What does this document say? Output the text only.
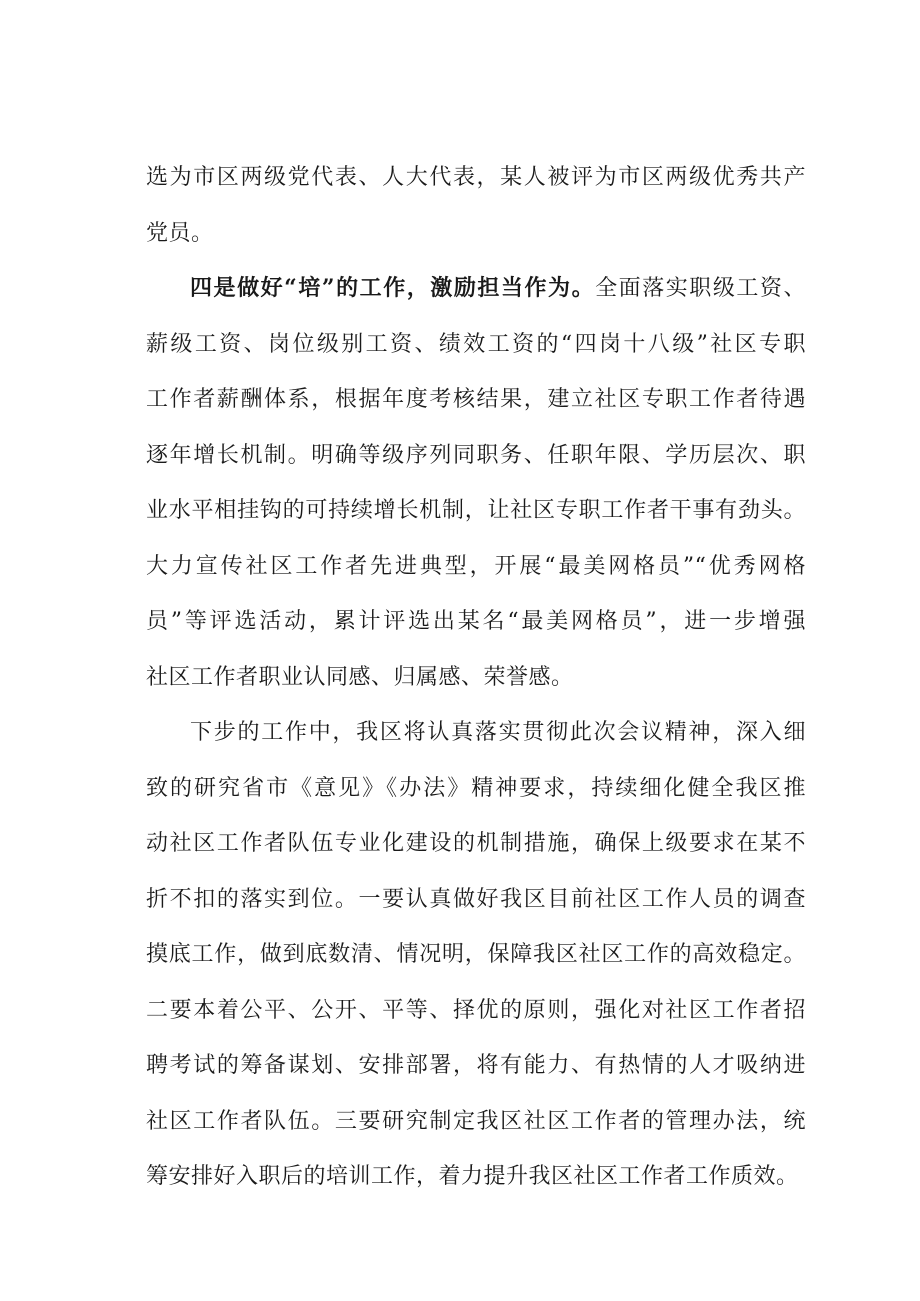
选为市区两级党代表、人大代表，某人被评为市区两级优秀共产
党员。
四是做好“培”的工作，激励担当作为。全面落实职级工资、
薪级工资、岗位级别工资、绩效工资的“四岗十八级”社区专职
工作者薪酬体系，根据年度考核结果，建立社区专职工作者待遇
逐年增长机制。明确等级序列同职务、任职年限、学历层次、职
业水平相挂钩的可持续增长机制，让社区专职工作者干事有劲头。
大力宣传社区工作者先进典型，开展“最美网格员”“优秀网格
员”等评选活动，累计评选出某名“最美网格员”，进一步增强
社区工作者职业认同感、归属感、荣誉感。
下步的工作中，我区将认真落实贯彻此次会议精神，深入细
致的研究省市《意见》《办法》精神要求，持续细化健全我区推
动社区工作者队伍专业化建设的机制措施，确保上级要求在某不
折不扣的落实到位。一要认真做好我区目前社区工作人员的调查
摸底工作，做到底数清、情况明，保障我区社区工作的高效稳定。
二要本着公平、公开、平等、择优的原则，强化对社区工作者招
聘考试的筹备谋划、安排部署，将有能力、有热情的人才吸纳进
社区工作者队伍。三要研究制定我区社区工作者的管理办法，统
筹安排好入职后的培训工作，着力提升我区社区工作者工作质效。
